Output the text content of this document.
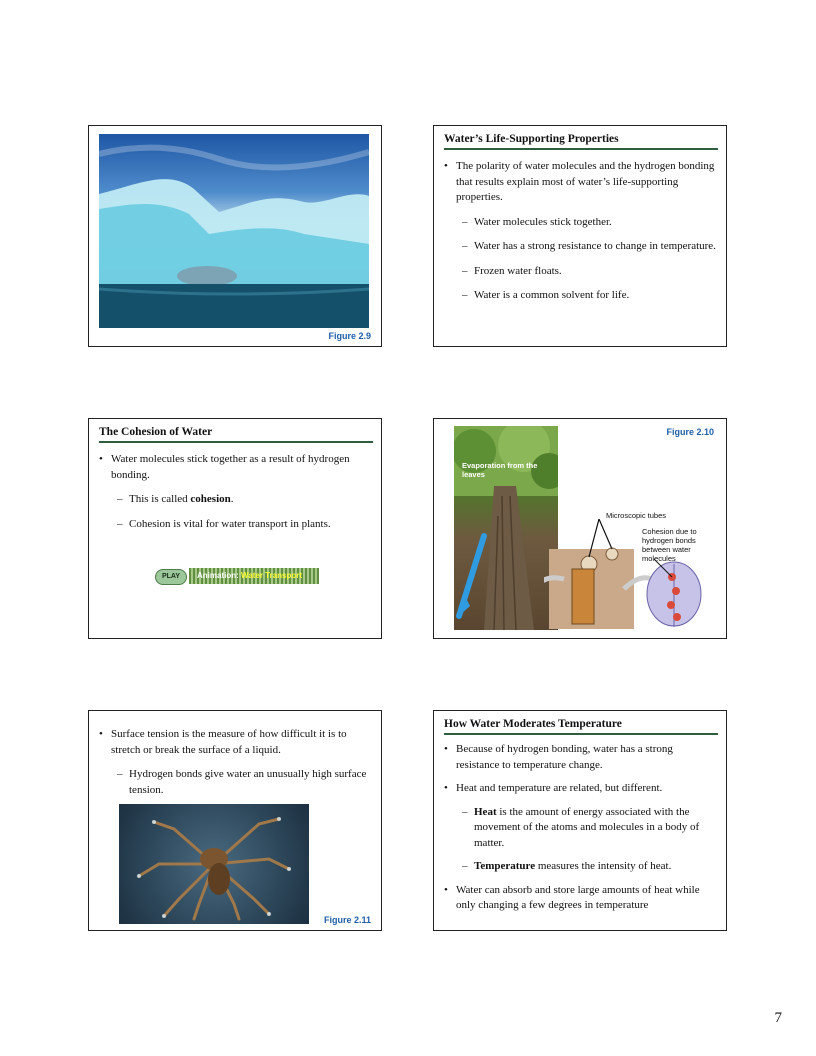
Figure 2.9
Water’s Life-Supporting Properties
• The polarity of water molecules and the hydrogen bonding that results explain most of water’s life-supporting properties.
– Water molecules stick together.
– Water has a strong resistance to change in temperature.
– Frozen water floats.
– Water is a common solvent for life.
The Cohesion of Water
• Water molecules stick together as a result of hydrogen bonding.
– This is called cohesion.
– Cohesion is vital for water transport in plants.
PLAY	Animation: Water Transport
Evaporation from the leaves
Figure 2.10
Microscopic tubes
Cohesion due to
hydrogen bonds
between water
molecules
• Surface tension is the measure of how difficult it is to stretch or break the surface of a liquid.
– Hydrogen bonds give water an unusually high surface tension.
Figure 2.11
How Water Moderates Temperature
• Because of hydrogen bonding, water has a strong resistance to temperature change.
• Heat and temperature are related, but different.
– Heat is the amount of energy associated with the movement of the atoms and molecules in a body of matter.
– Temperature measures the intensity of heat.
• Water can absorb and store large amounts of heat while only changing a few degrees in temperature
7
